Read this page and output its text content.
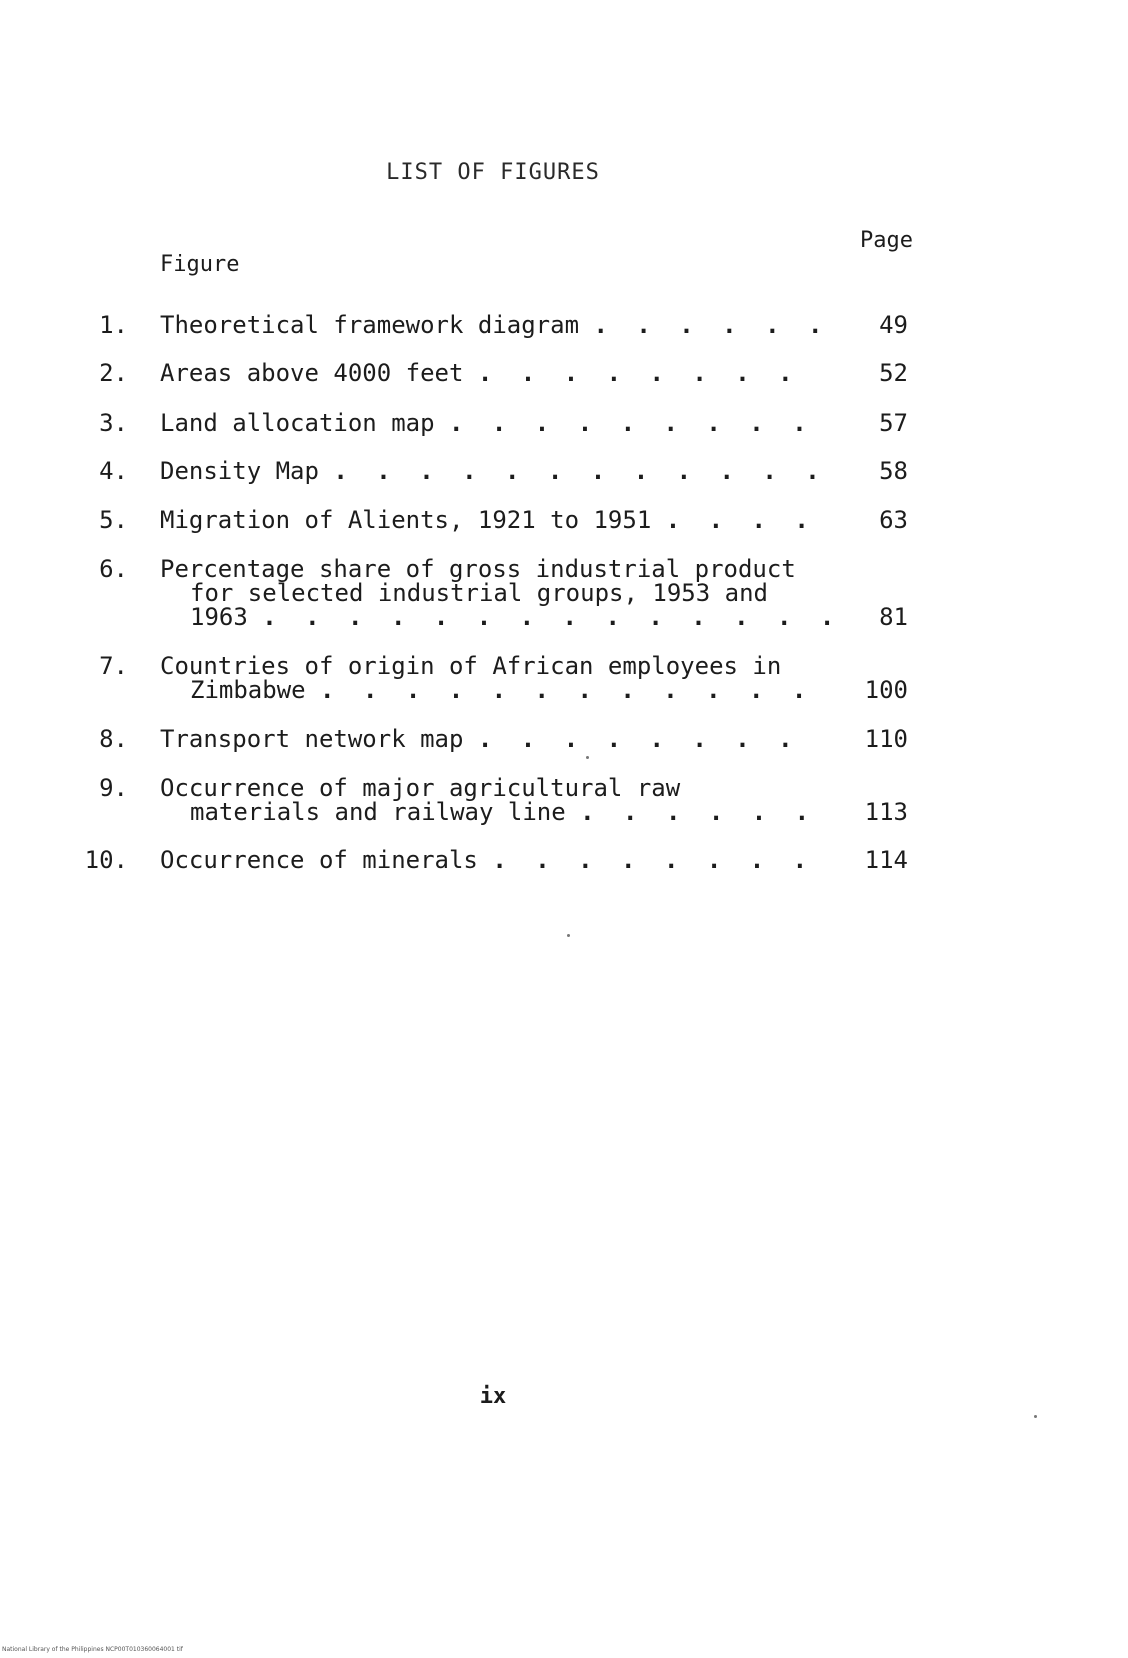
LIST OF FIGURES
Page
Figure
1. Theoretical framework diagram . . . . . .	49
2. Areas above 4000 feet . . . . . . . .	52
3. Land allocation map . . . . . . . . .	57
4. Density Map . . . . . . . . . . . .	58
5. Migration of Alients, 1921 to 1951 . . . .	63
6. Percentage share of gross industrial product
for selected industrial groups, 1953 and
1963 . . . . . . . . . . . . . .	81
7. Countries of origin of African employees in
Zimbabwe . . . . . . . . . . . .	100
8. Transport network map . . . . . . . .	110
9. Occurrence of major agricultural raw
materials and railway line . . . . . .	113
10. Occurrence of minerals . . . . . . . .	114
ix
National Library of the Philippines NCP00T010360064001 tif
